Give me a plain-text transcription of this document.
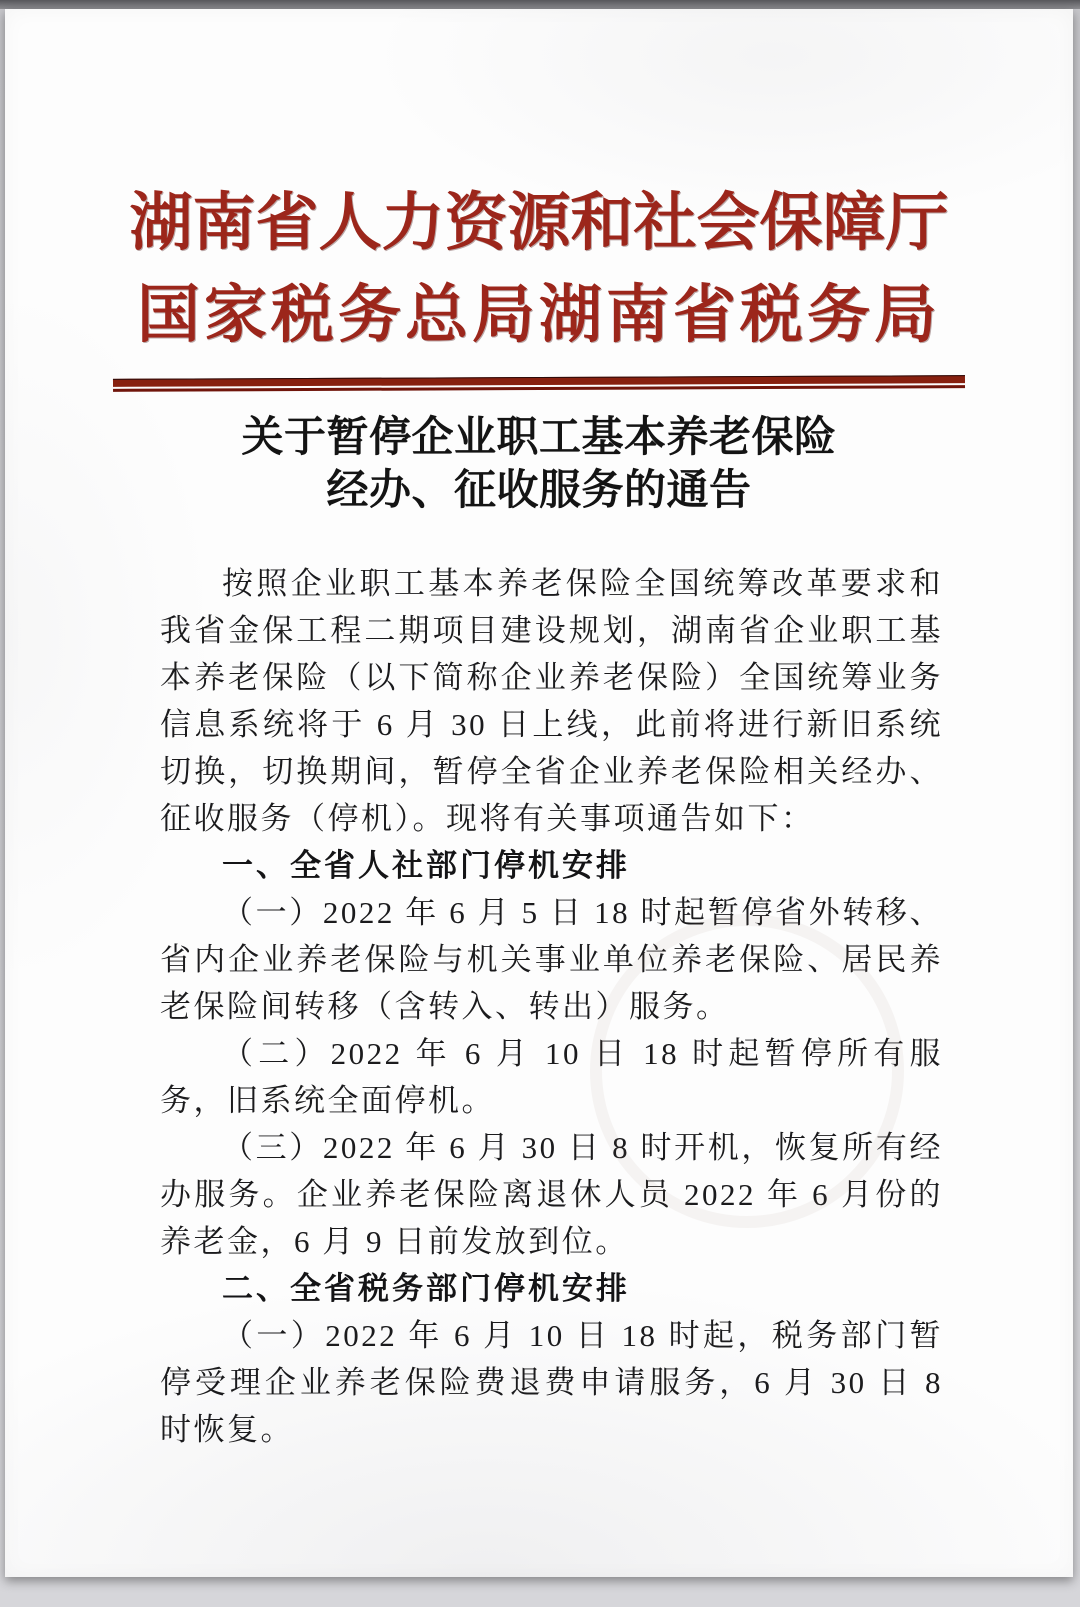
湖南省人力资源和社会保障厅
国家税务总局湖南省税务局
关于暂停企业职工基本养老保险
经办、征收服务的通告

按照企业职工基本养老保险全国统筹改革要求和我省金保工程二期项目建设规划，湖南省企业职工基本养老保险（以下简称企业养老保险）全国统筹业务信息系统将于 6 月 30 日上线，此前将进行新旧系统切换，切换期间，暂停全省企业养老保险相关经办、征收服务（停机）。现将有关事项通告如下：

一、全省人社部门停机安排

（一）2022 年 6 月 5 日 18 时起暂停省外转移、省内企业养老保险与机关事业单位养老保险、居民养老保险间转移（含转入、转出）服务。

（二）2022 年 6 月 10 日 18 时起暂停所有服务，旧系统全面停机。

（三）2022 年 6 月 30 日 8 时开机，恢复所有经办服务。企业养老保险离退休人员 2022 年 6 月份的养老金，6 月 9 日前发放到位。

二、全省税务部门停机安排

（一）2022 年 6 月 10 日 18 时起，税务部门暂停受理企业养老保险费退费申请服务，6 月 30 日 8 时恢复。
